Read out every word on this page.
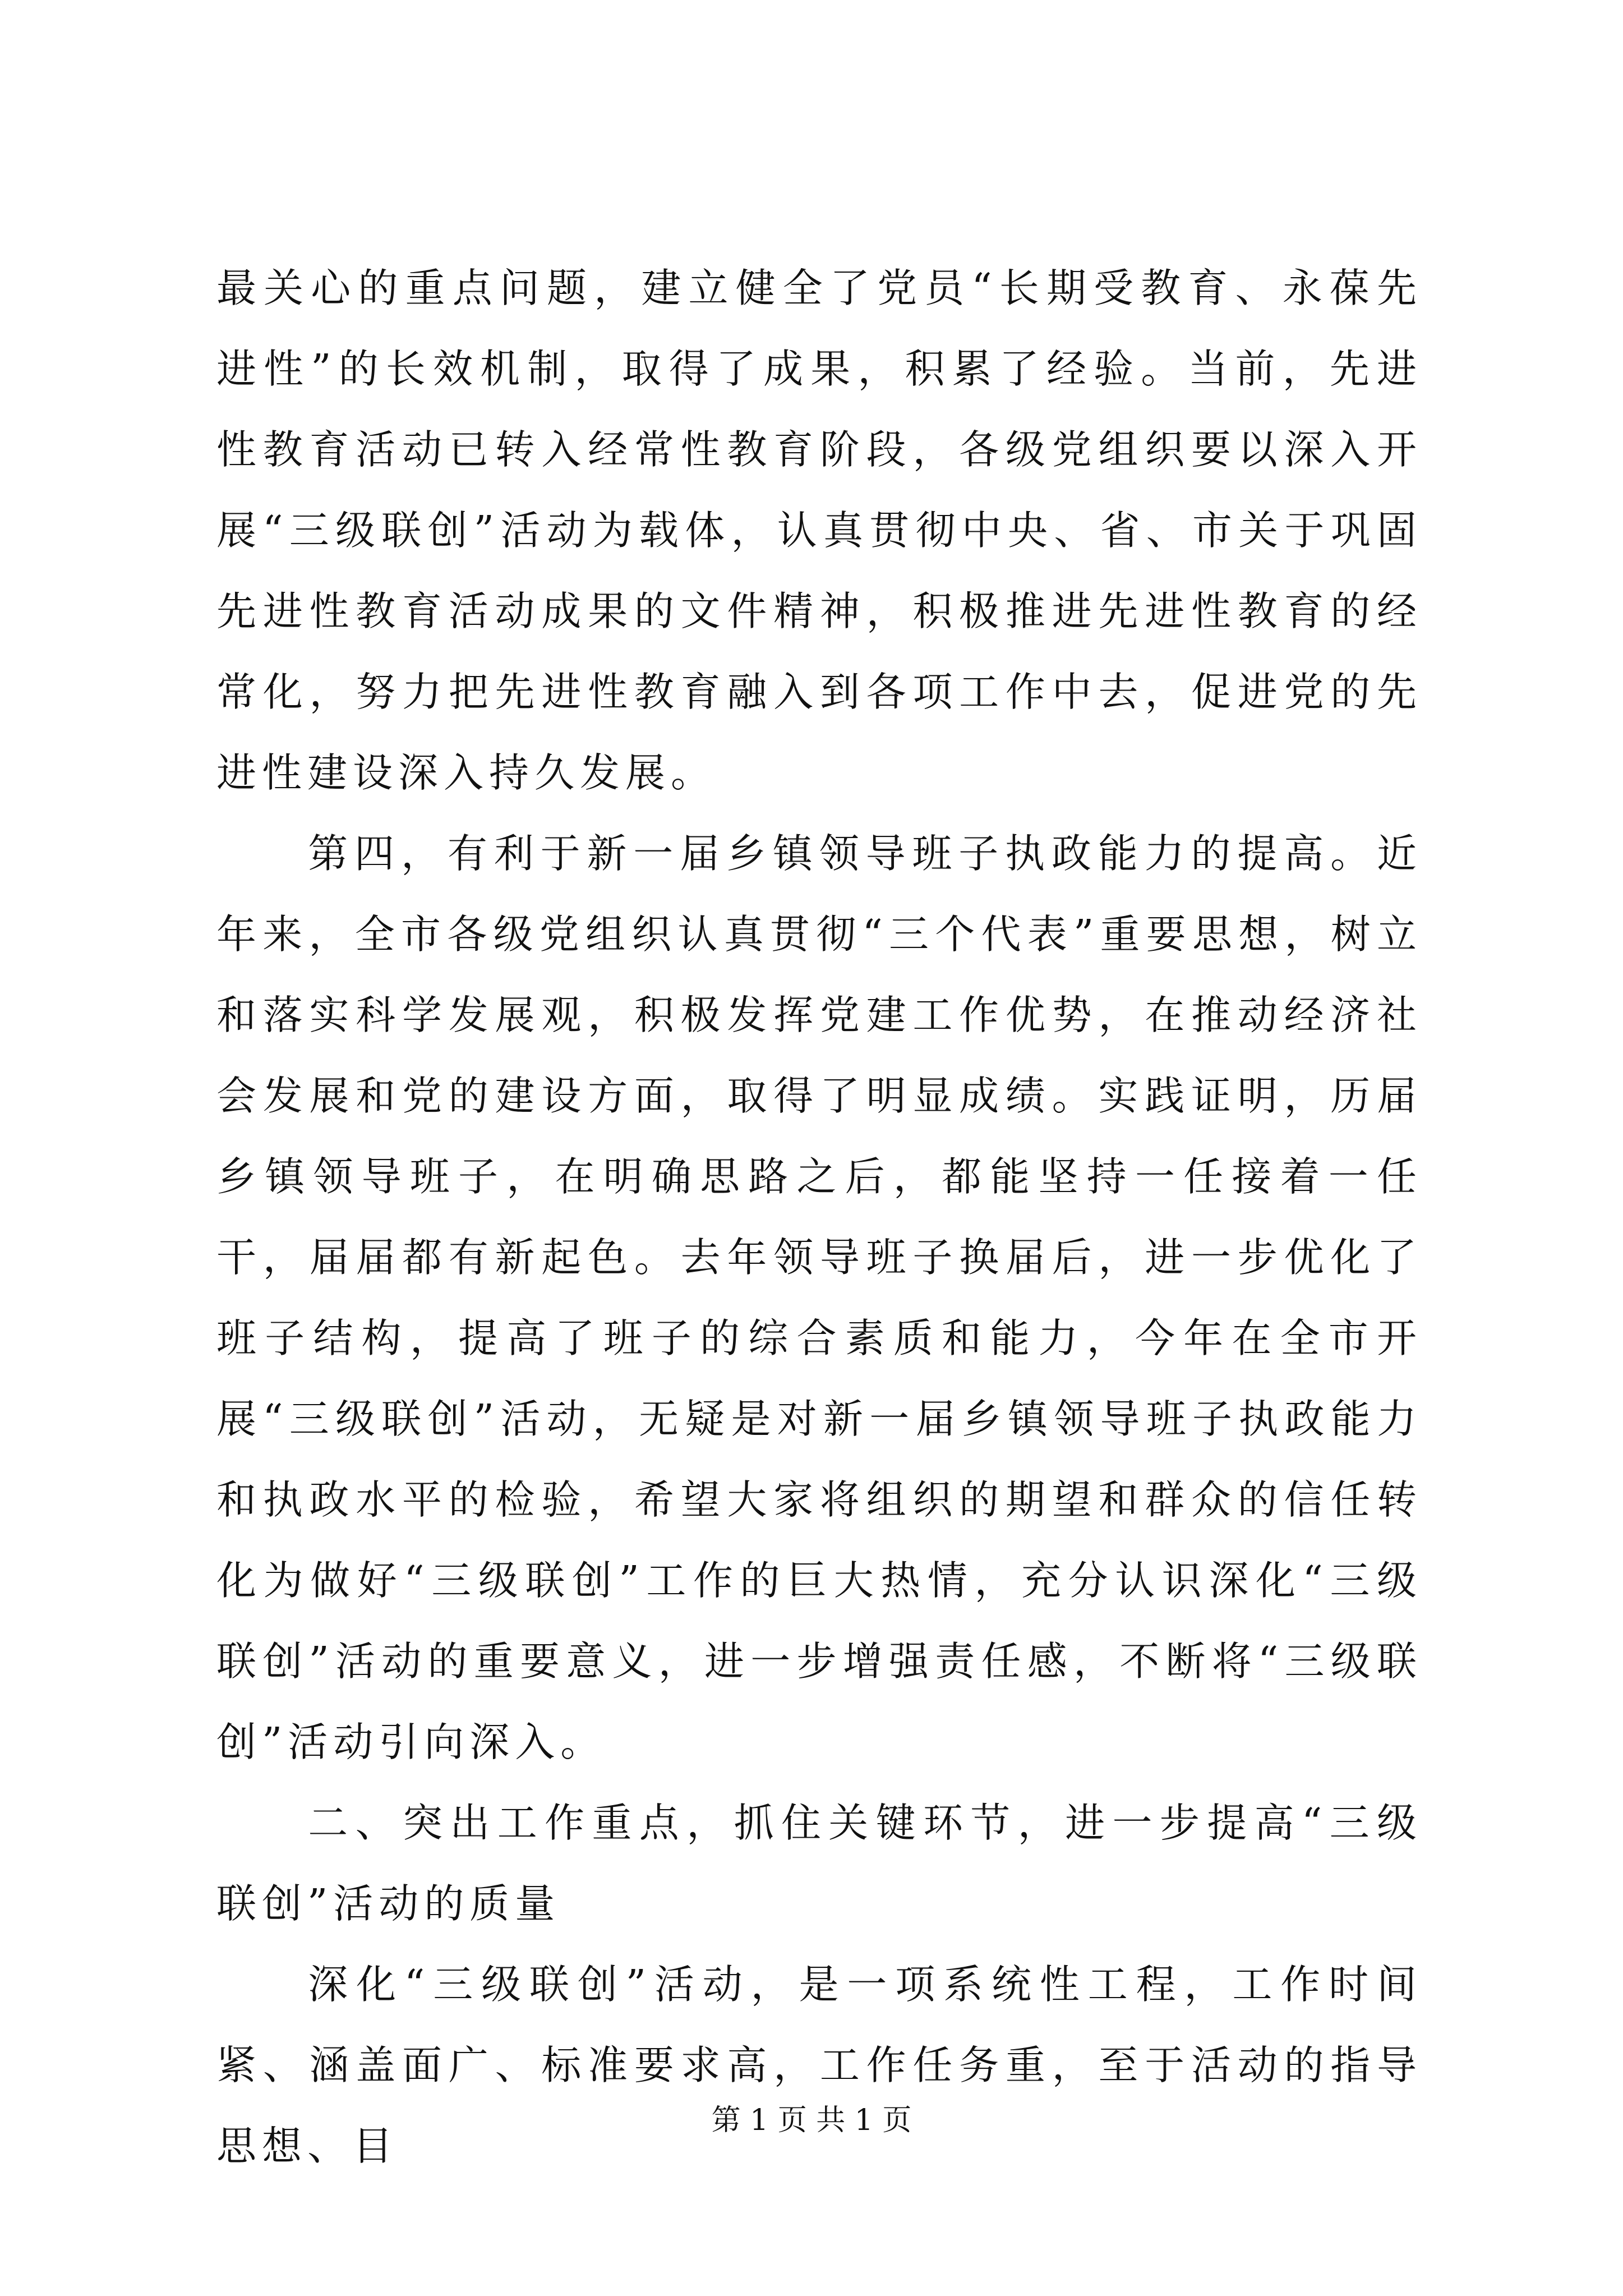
最关心的重点问题，建立健全了党员“长期受教育、永葆先进性”的长效机制，取得了成果，积累了经验。当前，先进性教育活动已转入经常性教育阶段，各级党组织要以深入开展“三级联创”活动为载体，认真贯彻中央、省、市关于巩固先进性教育活动成果的文件精神，积极推进先进性教育的经常化，努力把先进性教育融入到各项工作中去，促进党的先进性建设深入持久发展。

第四，有利于新一届乡镇领导班子执政能力的提高。近年来，全市各级党组织认真贯彻“三个代表”重要思想，树立和落实科学发展观，积极发挥党建工作优势，在推动经济社会发展和党的建设方面，取得了明显成绩。实践证明，历届乡镇领导班子，在明确思路之后，都能坚持一任接着一任干，届届都有新起色。去年领导班子换届后，进一步优化了班子结构，提高了班子的综合素质和能力，今年在全市开展“三级联创”活动，无疑是对新一届乡镇领导班子执政能力和执政水平的检验，希望大家将组织的期望和群众的信任转化为做好“三级联创”工作的巨大热情，充分认识深化“三级联创”活动的重要意义，进一步增强责任感，不断将“三级联创”活动引向深入。

二、突出工作重点，抓住关键环节，进一步提高“三级联创”活动的质量

深化“三级联创”活动，是一项系统性工程，工作时间紧、涵盖面广、标准要求高，工作任务重，至于活动的指导思想、目

第 1 页 共 1 页
